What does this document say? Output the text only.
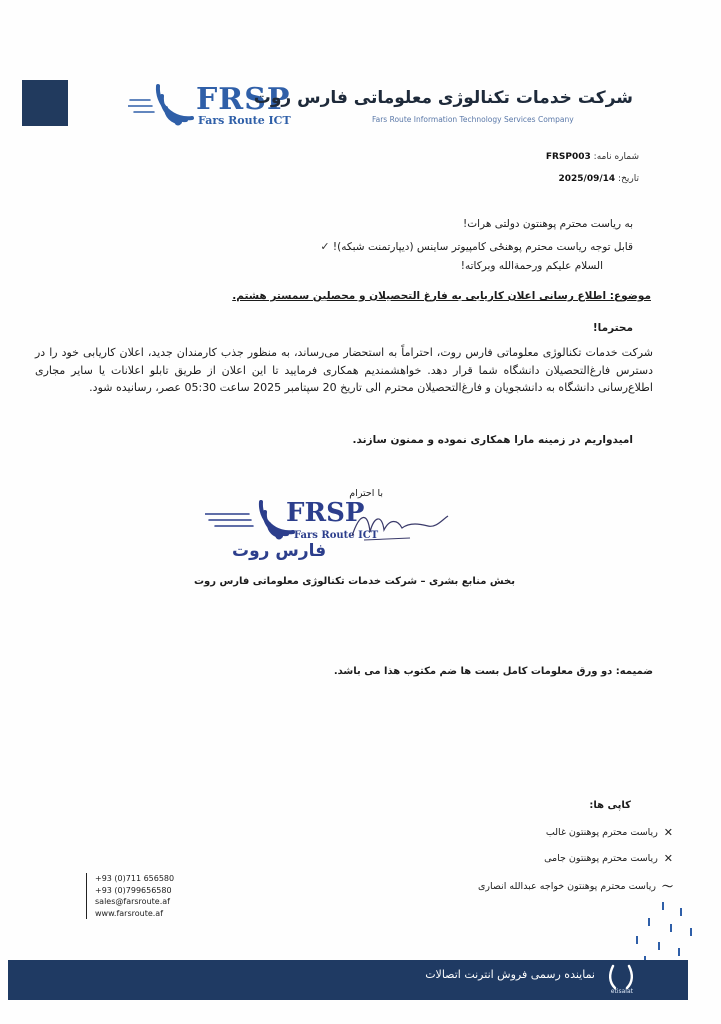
FRSP
Fars Route ICT
شرکت خدمات تکنالوژی معلوماتی فارس روت
Fars Route Information Technology Services Company
شماره نامه: FRSP003
تاریخ: 2025/09/14
به ریاست محترم پوهنتون دولتی هرات!
قابل توجه ریاست محترم پوهنځی کامپیوتر ساینس (دیپارتمنت شبکه)! ✓
السلام علیکم ورحمةالله وبرکاته!
موضوع: اطلاع رسانی اعلان کاریابی به فارغ التحصیلان و محصلین سمستر هشتم.
محترما!
شرکت خدمات تکنالوژی معلوماتی فارس روت، احتراماً به استحضار می‌رساند، به منظور جذب کارمندان جدید، اعلان کاریابی خود را در دسترس فارغ‌التحصیلان دانشگاه شما قرار دهد. خواهشمندیم همکاری فرمایید تا این اعلان از طریق تابلو اعلانات یا سایر مجاری اطلاع‌رسانی دانشگاه به دانشجویان و فارغ‌التحصیلان محترم الی تاریخ 20 سپتامبر 2025 ساعت 05:30 عصر، رسانیده شود.
امیدواریم در زمینه مارا همکاری نموده و ممنون سازند.
با احترام
FRSP
Fars Route ICT
فارس روت
بخش منابع بشری – شرکت خدمات تکنالوژی معلوماتی فارس روت
ضمیمه: دو ورق معلومات کامل بست ها ضم مکتوب هذا می باشد.
کاپی ها:
✕
ریاست محترم پوهنتون غالب
✕
ریاست محترم پوهنتون جامی
〜
ریاست محترم پوهنتون خواجه عبدالله انصاری
+93 (0)711 656580
+93 (0)799656580
sales@farsroute.af
www.farsroute.af
نماینده رسمی فروش انترنت اتصالات
etisalat
